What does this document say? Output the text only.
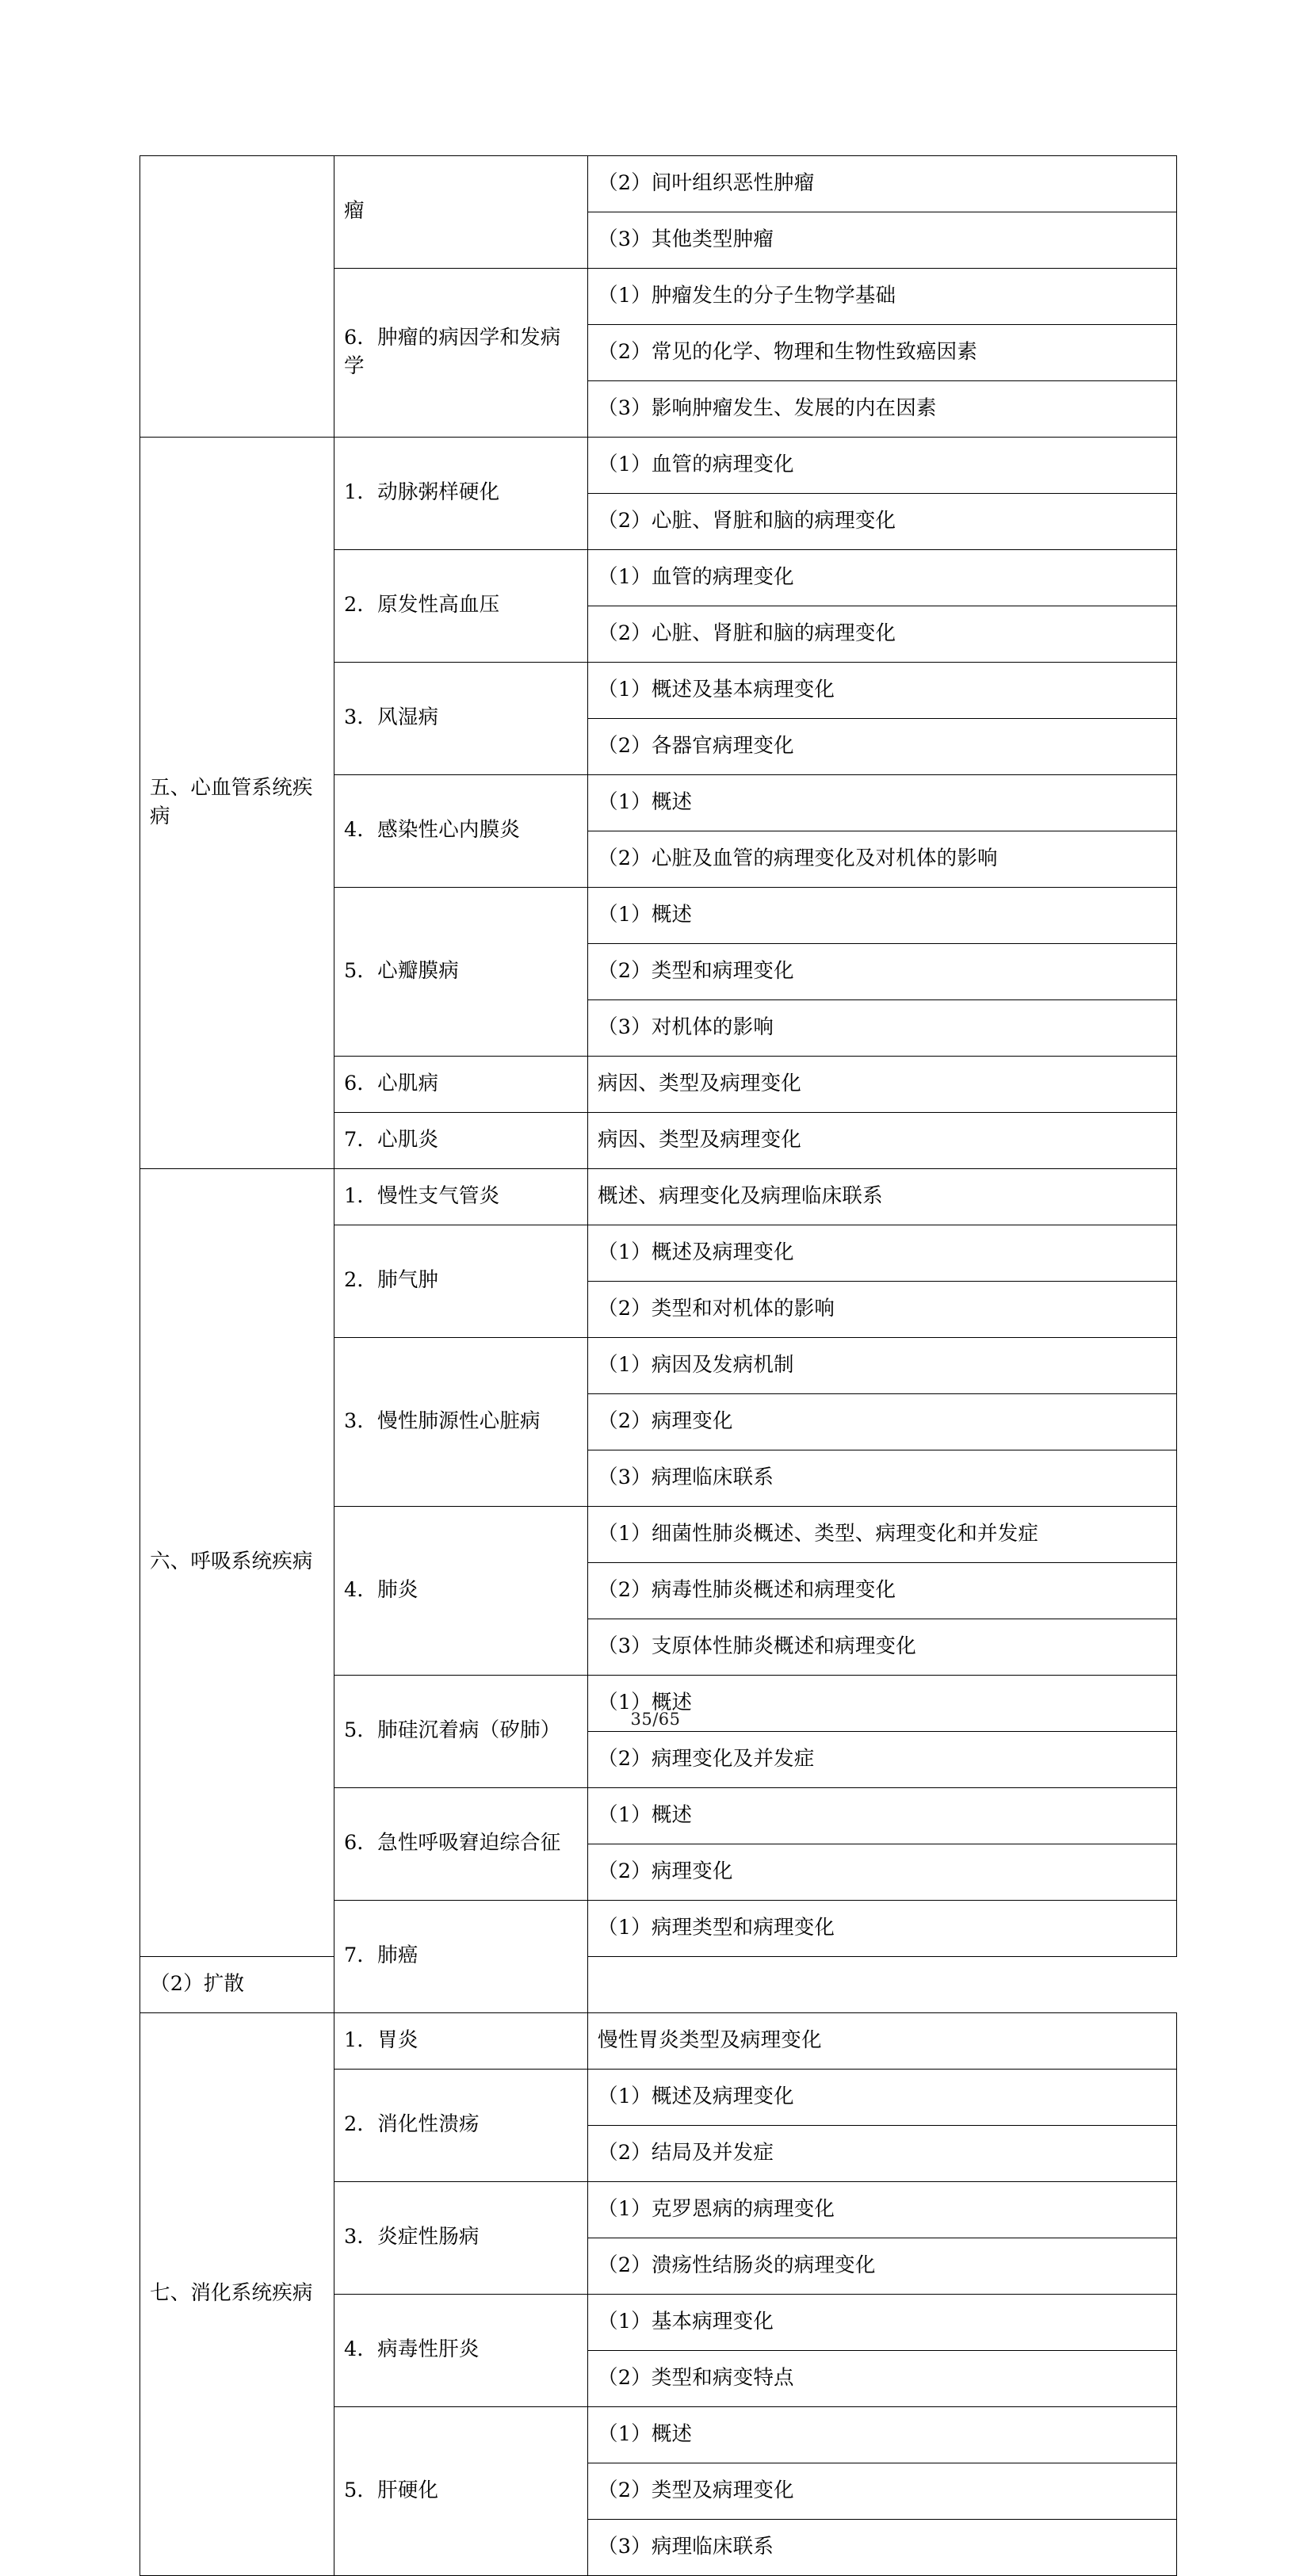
	瘤	（2）间叶组织恶性肿瘤
		（3）其他类型肿瘤
	6．肿瘤的病因学和发病学	（1）肿瘤发生的分子生物学基础
		（2）常见的化学、物理和生物性致癌因素
		（3）影响肿瘤发生、发展的内在因素
五、心血管系统疾病	1．动脉粥样硬化	（1）血管的病理变化
		（2）心脏、肾脏和脑的病理变化
	2．原发性高血压	（1）血管的病理变化
		（2）心脏、肾脏和脑的病理变化
	3．风湿病	（1）概述及基本病理变化
		（2）各器官病理变化
	4．感染性心内膜炎	（1）概述
		（2）心脏及血管的病理变化及对机体的影响
	5．心瓣膜病	（1）概述
		（2）类型和病理变化
		（3）对机体的影响
	6．心肌病	病因、类型及病理变化
	7．心肌炎	病因、类型及病理变化
六、呼吸系统疾病	1．慢性支气管炎	概述、病理变化及病理临床联系
	2．肺气肿	（1）概述及病理变化
		（2）类型和对机体的影响
	3．慢性肺源性心脏病	（1）病因及发病机制
		（2）病理变化
		（3）病理临床联系
	4．肺炎	（1）细菌性肺炎概述、类型、病理变化和并发症
		（2）病毒性肺炎概述和病理变化
		（3）支原体性肺炎概述和病理变化
	5．肺硅沉着病（矽肺）	（1）概述
		（2）病理变化及并发症
	6．急性呼吸窘迫综合征	（1）概述
		（2）病理变化
	7．肺癌	（1）病理类型和病理变化
（2）扩散		
七、消化系统疾病	1．胃炎	慢性胃炎类型及病理变化
	2．消化性溃疡	（1）概述及病理变化
		（2）结局及并发症
	3．炎症性肠病	（1）克罗恩病的病理变化
		（2）溃疡性结肠炎的病理变化
	4．病毒性肝炎	（1）基本病理变化
		（2）类型和病变特点
	5．肝硬化	（1）概述
		（2）类型及病理变化
		（3）病理临床联系
35/65
